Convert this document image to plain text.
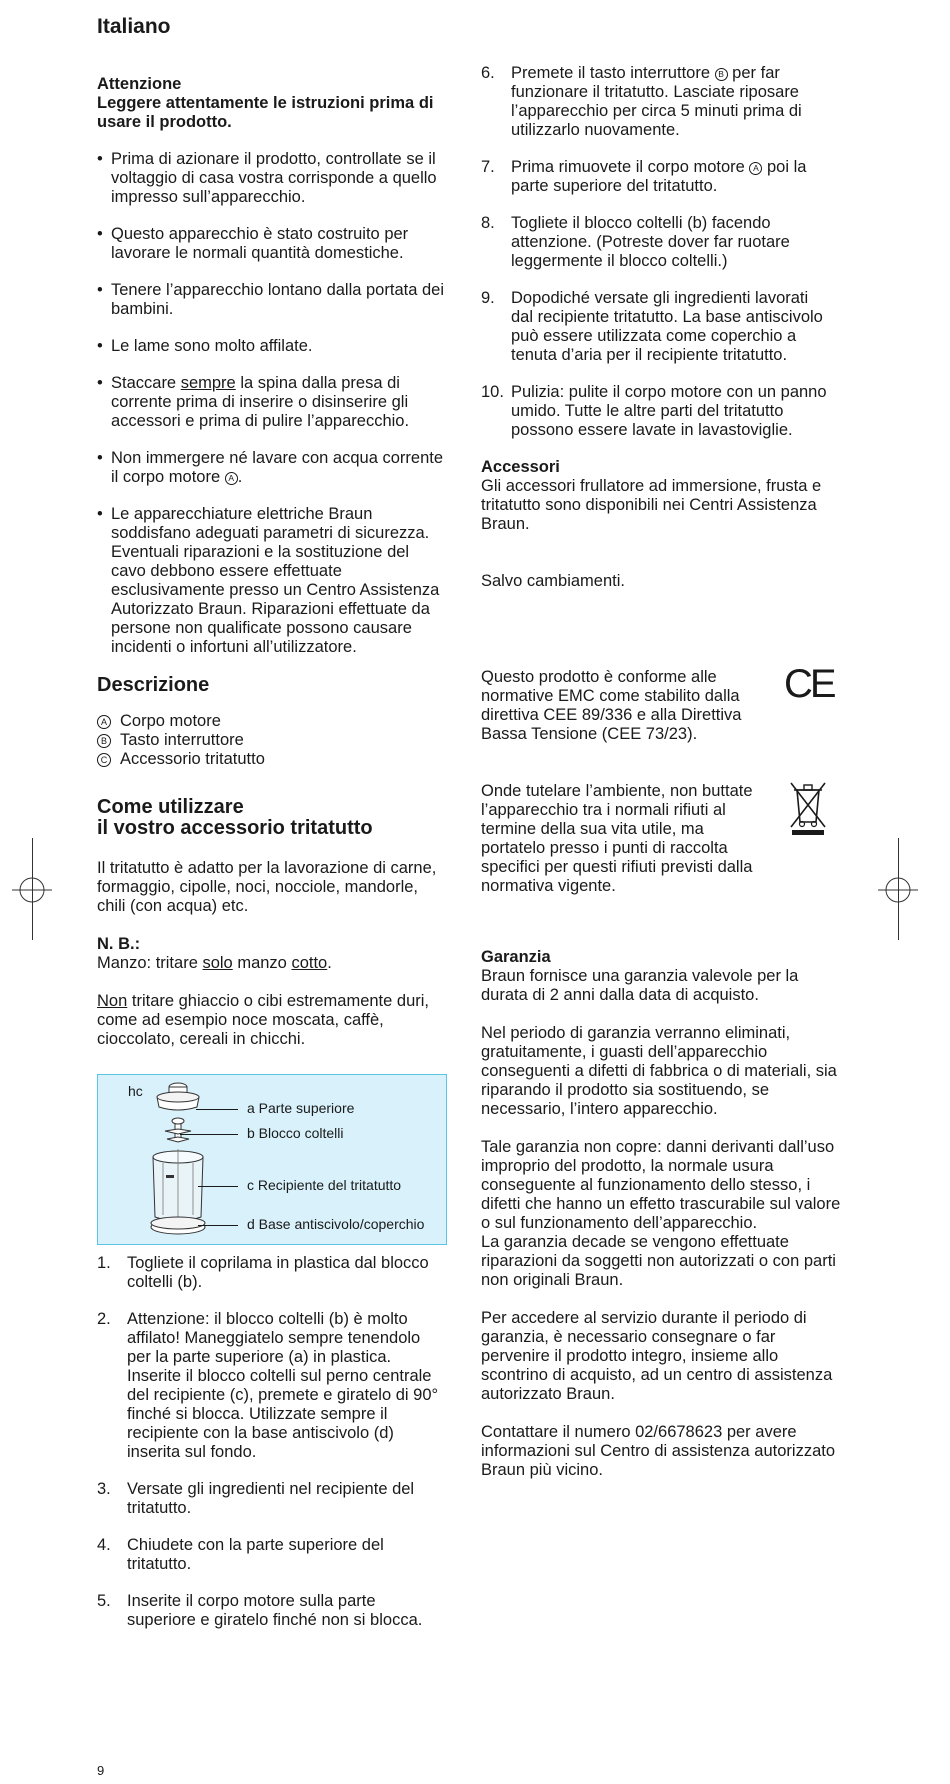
Italiano

Attenzione

Leggere attentamente le istruzioni prima di usare il prodotto.

• Prima di azionare il prodotto, controllate se il voltaggio di casa vostra corrisponde a quello impresso sull’apparecchio.
• Questo apparecchio è stato costruito per lavorare le normali quantità domestiche.
• Tenere l’apparecchio lontano dalla portata dei bambini.
• Le lame sono molto affilate.
• Staccare sempre la spina dalla presa di corrente prima di inserire o disinserire gli accessori e prima di pulire l’apparecchio.
• Non immergere né lavare con acqua corrente il corpo motore A .
• Le apparecchiature elettriche Braun soddisfano adeguati parametri di sicurezza. Eventuali riparazioni e la sostituzione del cavo debbono essere effettuate esclusivamente presso un Centro Assistenza Autorizzato Braun. Riparazioni effettuate da persone non qualificate possono causare incidenti o infortuni all’utilizzatore.
Descrizione
A Corpo motore
B Tasto interruttore
C Accessorio tritatutto
Come utilizzare
il vostro accessorio tritatutto

Il tritatutto è adatto per la lavorazione di carne, formaggio, cipolle, noci, nocciole, mandorle, chili (con acqua) etc.

N. B.:

Manzo: tritare solo manzo cotto.

Non tritare ghiaccio o cibi estremamente duri, come ad esempio noce moscata, caffè, cioccolato, cereali in chicchi.

hc
a Parte superiore
b Blocco coltelli
c Recipiente del tritatutto
d Base antiscivolo/coperchio
1. Togliete il coprilama in plastica dal blocco coltelli (b).
2. Attenzione: il blocco coltelli (b) è molto affilato! Maneggiatelo sempre tenendolo per la parte superiore (a) in plastica. Inserite il blocco coltelli sul perno centrale del recipiente (c), premete e giratelo di 90° finché si blocca. Utilizzate sempre il recipiente con la base antiscivolo (d) inserita sul fondo.
3. Versate gli ingredienti nel recipiente del tritatutto.
4. Chiudete con la parte superiore del tritatutto.
5. Inserite il corpo motore sulla parte superiore e giratelo finché non si blocca.
6. Premete il tasto interruttore B per far funzionare il tritatutto. Lasciate riposare l’apparecchio per circa 5 minuti prima di utilizzarlo nuovamente.
7. Prima rimuovete il corpo motore A poi la parte superiore del tritatutto.
8. Togliete il blocco coltelli (b) facendo attenzione. (Potreste dover far ruotare leggermente il blocco coltelli.)
9. Dopodiché versate gli ingredienti lavorati dal recipiente tritatutto. La base antiscivolo può essere utilizzata come coperchio a tenuta d’aria per il recipiente tritatutto.
10. Pulizia: pulite il corpo motore con un panno umido. Tutte le altre parti del tritatutto possono essere lavate in lavastoviglie.

Accessori

Gli accessori frullatore ad immersione, frusta e tritatutto sono disponibili nei Centri Assistenza Braun.

Salvo cambiamenti.

Questo prodotto è conforme alle normative EMC come stabilito dalla direttiva CEE 89/336 e alla Direttiva Bassa Tensione (CEE 73/23).

CE

Onde tutelare l’ambiente, non buttate l’apparecchio tra i normali rifiuti al termine della sua vita utile, ma portatelo presso i punti di raccolta specifici per questi rifiuti previsti dalla normativa vigente.

Garanzia

Braun fornisce una garanzia valevole per la durata di 2 anni dalla data di acquisto.

Nel periodo di garanzia verranno eliminati, gratuitamente, i guasti dell’apparecchio conseguenti a difetti di fabbrica o di materiali, sia riparando il prodotto sia sostituendo, se necessario, l’intero apparecchio.

Tale garanzia non copre: danni derivanti dall’uso improprio del prodotto, la normale usura conseguente al funzionamento dello stesso, i difetti che hanno un effetto trascurabile sul valore o sul funzionamento dell’apparecchio.

La garanzia decade se vengono effettuate riparazioni da soggetti non autorizzati o con parti non originali Braun.

Per accedere al servizio durante il periodo di garanzia, è necessario consegnare o far pervenire il prodotto integro, insieme allo scontrino di acquisto, ad un centro di assistenza autorizzato Braun.

Contattare il numero 02/6678623 per avere informazioni sul Centro di assistenza autorizzato Braun più vicino.

9
